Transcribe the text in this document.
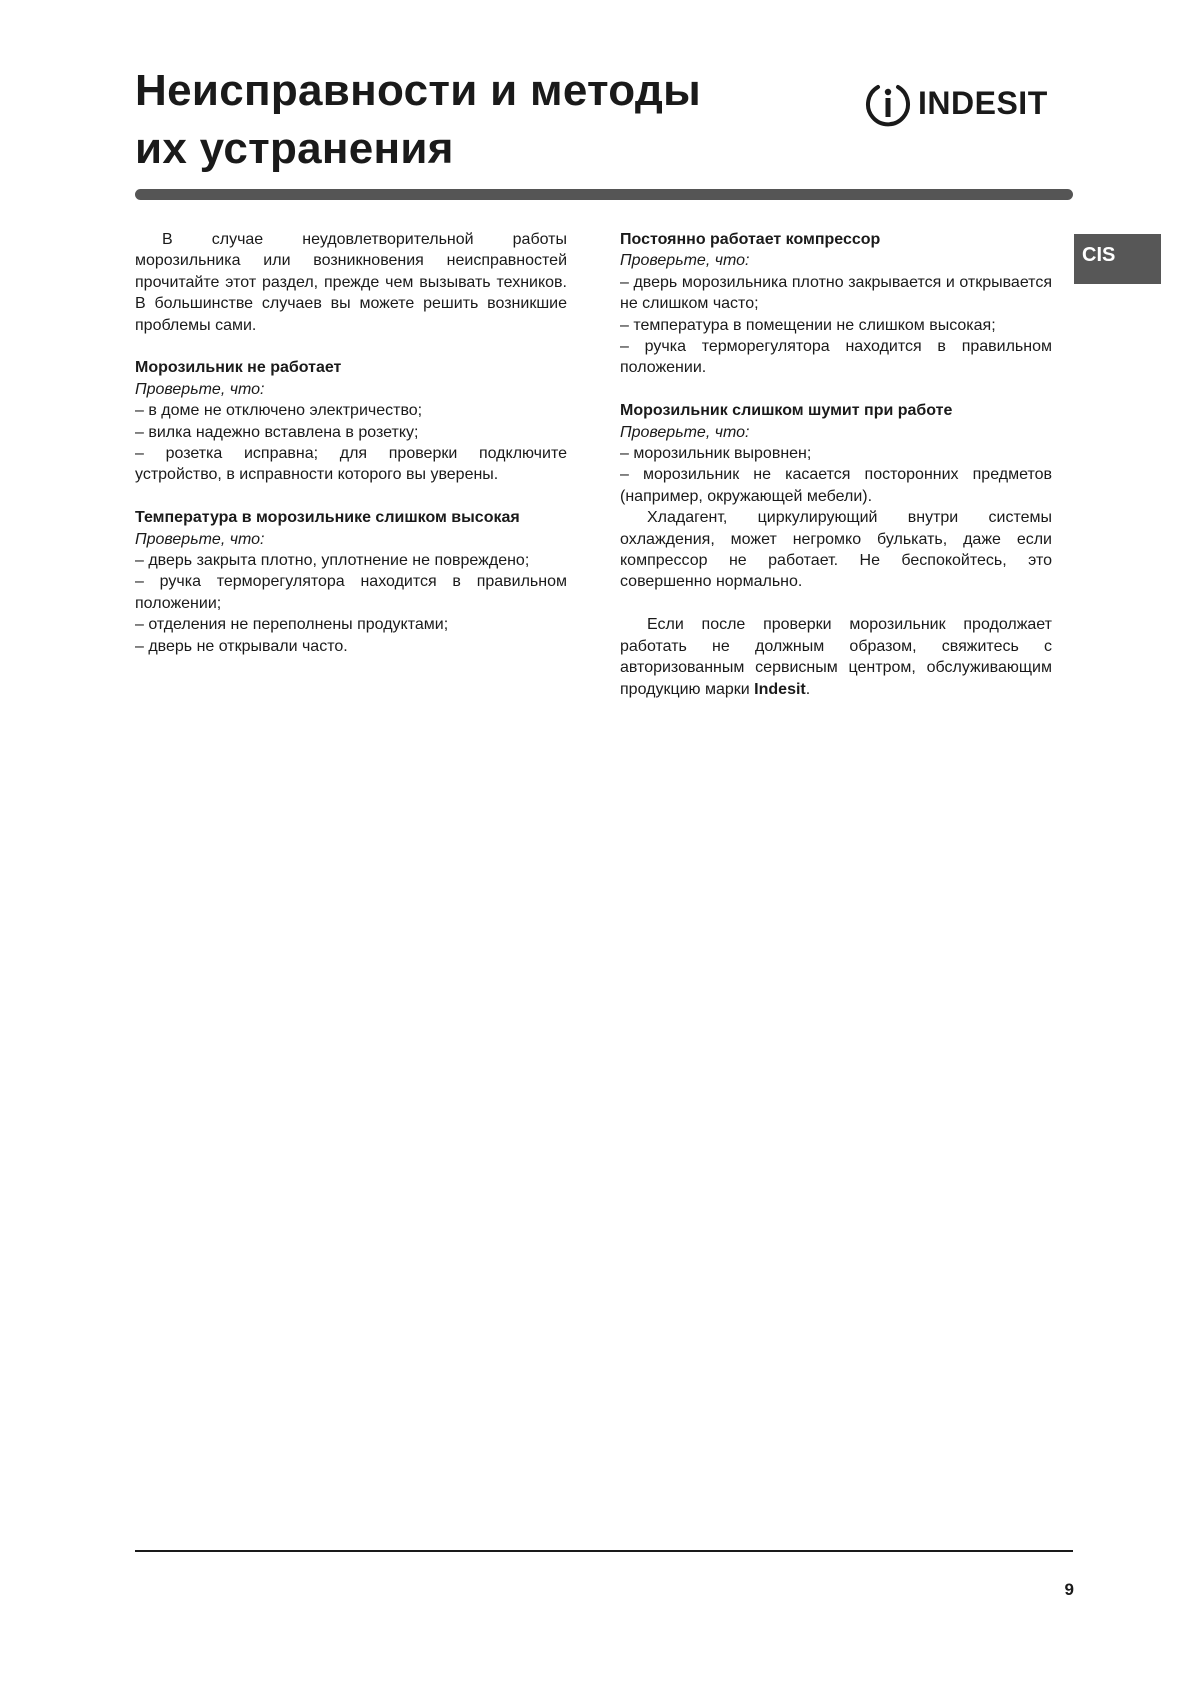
Неисправности и методы
их устранения
INDESIT
CIS

В случае неудовлетворительной работы морозильника или возникновения неисправностей прочитайте этот раздел, прежде чем вызывать техников. В большинстве случаев вы можете решить возникшие проблемы сами.

Морозильник не работает

Проверьте, что:

– в доме не отключено электричество;

– вилка надежно вставлена в розетку;

– розетка исправна; для проверки подключите устройство, в исправности которого вы уверены.

Температура в морозильнике слишком высокая

Проверьте, что:

– дверь закрыта плотно, уплотнение не повреждено;

– ручка терморегулятора находится в правильном положении;

– отделения не переполнены продуктами;

– дверь не открывали часто.

Постоянно работает компрессор

Проверьте, что:

– дверь морозильника плотно закрывается и открывается не слишком часто;

– температура в помещении не слишком высокая;

– ручка терморегулятора находится в правильном положении.

Морозильник слишком шумит при работе

Проверьте, что:

– морозильник выровнен;

– морозильник не касается посторонних предметов (например, окружающей мебели).

Хладагент, циркулирующий внутри системы охлаждения, может негромко булькать, даже если компрессор не работает. Не беспокойтесь, это совершенно нормально.

Если после проверки морозильник продолжает работать не должным образом, свяжитесь с авторизованным сервисным центром, обслуживающим продукцию марки Indesit.

9
